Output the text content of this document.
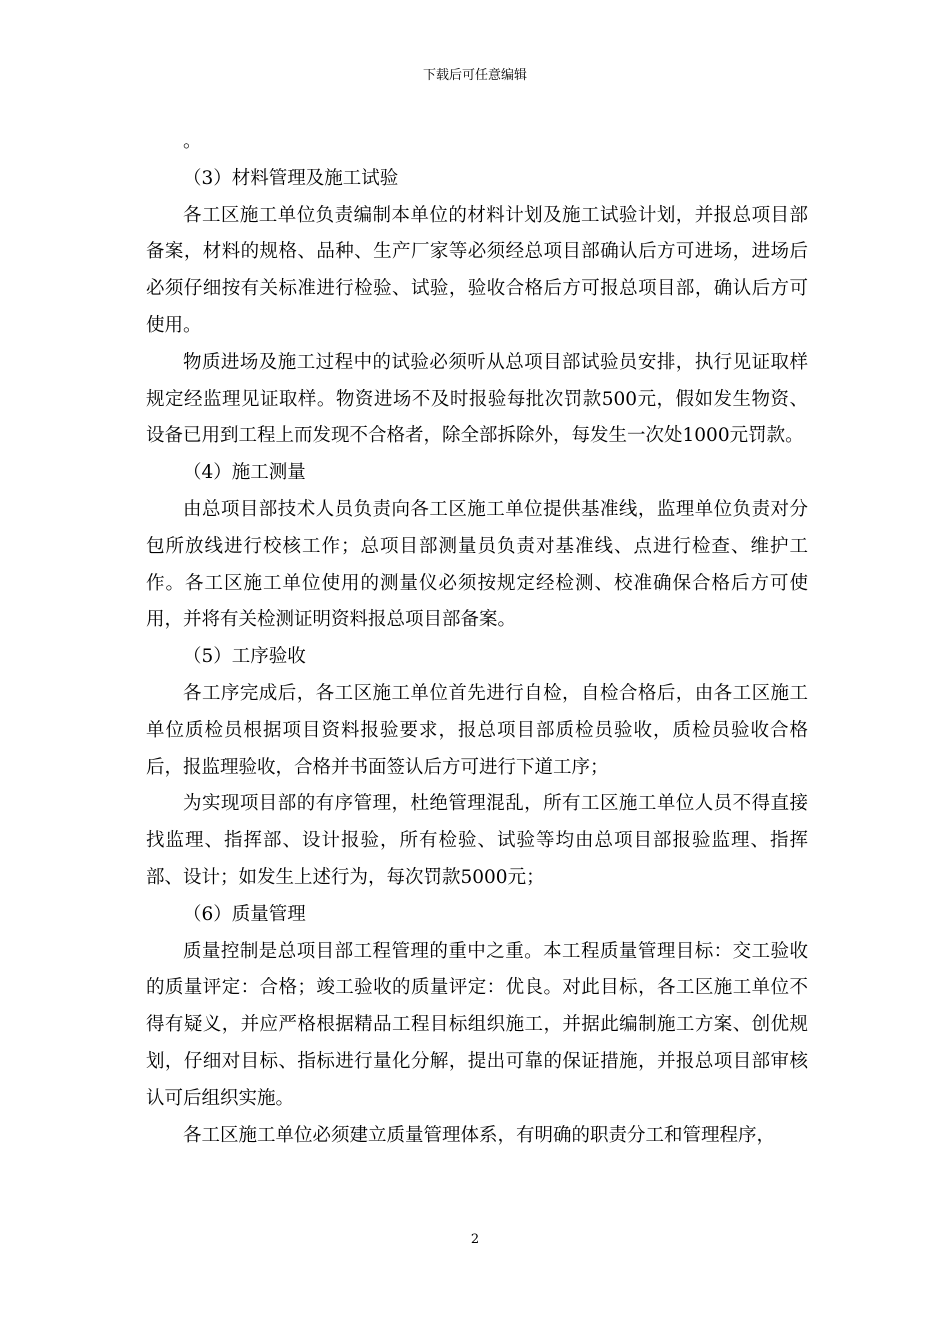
下载后可任意编辑

。

（3）材料管理及施工试验

各工区施工单位负责编制本单位的材料计划及施工试验计划，并报总项目部备案，材料的规格、品种、生产厂家等必须经总项目部确认后方可进场，进场后必须仔细按有关标准进行检验、试验，验收合格后方可报总项目部，确认后方可使用。

物质进场及施工过程中的试验必须听从总项目部试验员安排，执行见证取样规定经监理见证取样。物资进场不及时报验每批次罚款500元，假如发生物资、设备已用到工程上而发现不合格者，除全部拆除外，每发生一次处1000元罚款。

（4）施工测量

由总项目部技术人员负责向各工区施工单位提供基准线，监理单位负责对分包所放线进行校核工作；总项目部测量员负责对基准线、点进行检查、维护工作。各工区施工单位使用的测量仪必须按规定经检测、校准确保合格后方可使用，并将有关检测证明资料报总项目部备案。

（5）工序验收

各工序完成后，各工区施工单位首先进行自检，自检合格后，由各工区施工单位质检员根据项目资料报验要求，报总项目部质检员验收，质检员验收合格后，报监理验收，合格并书面签认后方可进行下道工序；

为实现项目部的有序管理，杜绝管理混乱，所有工区施工单位人员不得直接找监理、指挥部、设计报验，所有检验、试验等均由总项目部报验监理、指挥部、设计；如发生上述行为，每次罚款5000元；

（6）质量管理

质量控制是总项目部工程管理的重中之重。本工程质量管理目标：交工验收的质量评定：合格；竣工验收的质量评定：优良。对此目标，各工区施工单位不得有疑义，并应严格根据精品工程目标组织施工，并据此编制施工方案、创优规划，仔细对目标、指标进行量化分解，提出可靠的保证措施，并报总项目部审核认可后组织实施。

各工区施工单位必须建立质量管理体系，有明确的职责分工和管理程序，

2
